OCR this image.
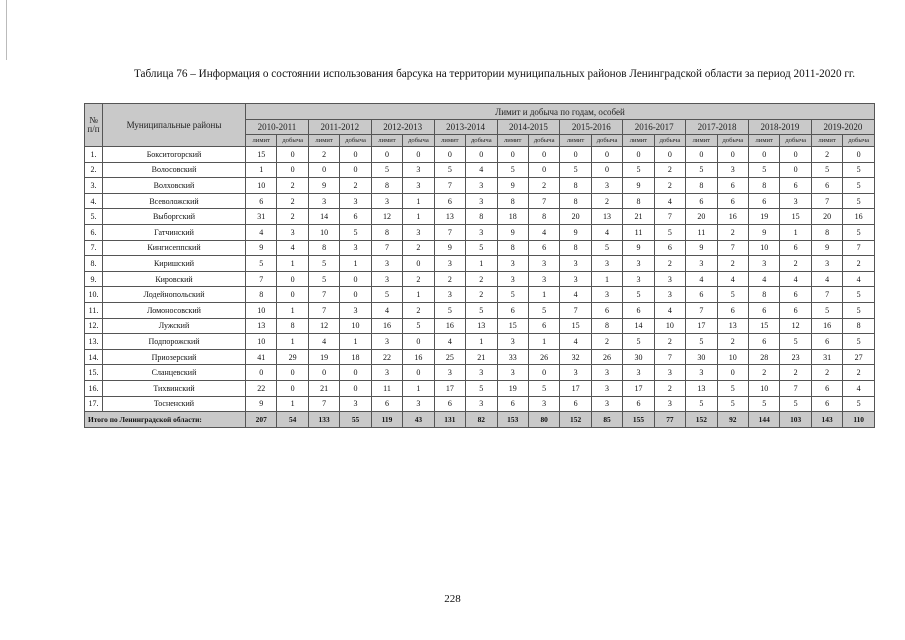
Таблица 76 – Информация о состоянии использования барсука на территории муниципальных районов Ленинградской области за период 2011-2020 гг.
№ п/п	Муниципальные районы	Лимит и добыча по годам, особей																			
		2010-2011		2011-2012		2012-2013		2013-2014		2014-2015		2015-2016		2016-2017		2017-2018		2018-2019		2019-2020	
		лимит	добыча	лимит	добыча	лимит	добыча	лимит	добыча	лимит	добыча	лимит	добыча	лимит	добыча	лимит	добыча	лимит	добыча	лимит	добыча
1.	Бокситогорский	15	0	2	0	0	0	0	0	0	0	0	0	0	0	0	0	0	0	2	0
2.	Волосовский	1	0	0	0	5	3	5	4	5	0	5	0	5	2	5	3	5	0	5	5
3.	Волховский	10	2	9	2	8	3	7	3	9	2	8	3	9	2	8	6	8	6	6	5
4.	Всеволожский	6	2	3	3	3	1	6	3	8	7	8	2	8	4	6	6	6	3	7	5
5.	Выборгский	31	2	14	6	12	1	13	8	18	8	20	13	21	7	20	16	19	15	20	16
6.	Гатчинский	4	3	10	5	8	3	7	3	9	4	9	4	11	5	11	2	9	1	8	5
7.	Кингисеппский	9	4	8	3	7	2	9	5	8	6	8	5	9	6	9	7	10	6	9	7
8.	Киришский	5	1	5	1	3	0	3	1	3	3	3	3	3	2	3	2	3	2	3	2
9.	Кировский	7	0	5	0	3	2	2	2	3	3	3	1	3	3	4	4	4	4	4	4
10.	Лодейнопольский	8	0	7	0	5	1	3	2	5	1	4	3	5	3	6	5	8	6	7	5
11.	Ломоносовский	10	1	7	3	4	2	5	5	6	5	7	6	6	4	7	6	6	6	5	5
12.	Лужский	13	8	12	10	16	5	16	13	15	6	15	8	14	10	17	13	15	12	16	8
13.	Подпорожский	10	1	4	1	3	0	4	1	3	1	4	2	5	2	5	2	6	5	6	5
14.	Приозерский	41	29	19	18	22	16	25	21	33	26	32	26	30	7	30	10	28	23	31	27
15.	Сланцевский	0	0	0	0	3	0	3	3	3	0	3	3	3	3	3	0	2	2	2	2
16.	Тихвинский	22	0	21	0	11	1	17	5	19	5	17	3	17	2	13	5	10	7	6	4
17.	Тосненский	9	1	7	3	6	3	6	3	6	3	6	3	6	3	5	5	5	5	6	5
Итого по Ленинградской области:		207	54	133	55	119	43	131	82	153	80	152	85	155	77	152	92	144	103	143	110
228
